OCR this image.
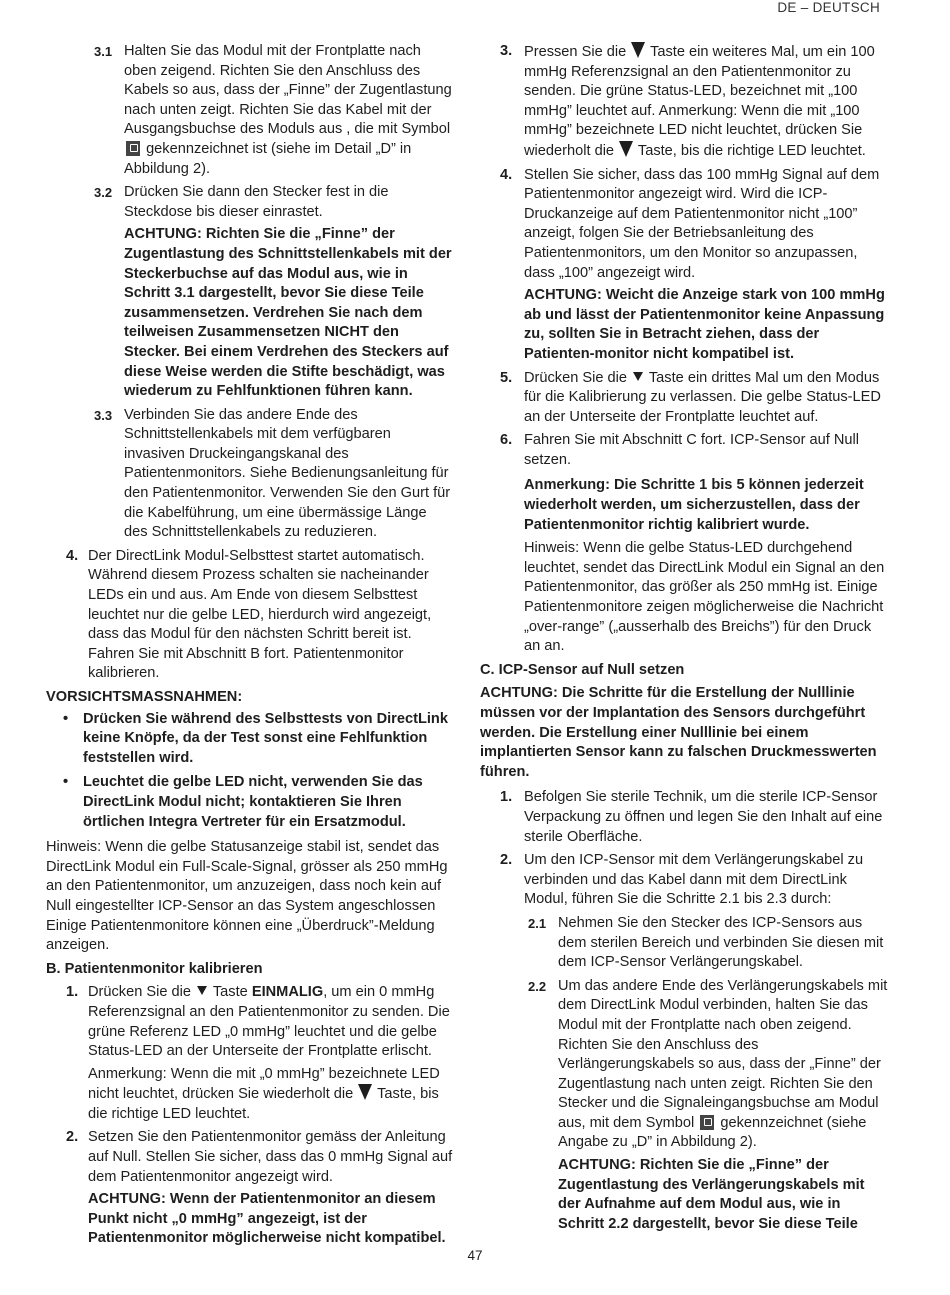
DE – DEUTSCH
3.1 Halten Sie das Modul mit der Frontplatte nach oben zeigend. Richten Sie den Anschluss des Kabels so aus, dass der „Finne” der Zugentlastung nach unten zeigt. Richten Sie das Kabel mit der Ausgangsbuchse des Moduls aus , die mit Symbol  gekennzeichnet ist (siehe im Detail „D” in Abbildung 2).
3.2 Drücken Sie dann den Stecker fest in die Steckdose bis dieser einrastet.

ACHTUNG: Richten Sie die „Finne” der Zugentlastung des Schnittstellenkabels mit der Steckerbuchse auf das Modul aus, wie in Schritt 3.1 dargestellt, bevor Sie diese Teile zusammensetzen. Verdrehen Sie nach dem teilweisen Zusammensetzen NICHT den Stecker. Bei einem Verdrehen des Steckers auf diese Weise werden die Stifte beschädigt, was wiederum zu Fehlfunktionen führen kann.

3.3 Verbinden Sie das andere Ende des Schnittstellenkabels mit dem verfügbaren invasiven Druckeingangskanal des Patientenmonitors. Siehe Bedienungsanleitung für den Patientenmonitor. Verwenden Sie den Gurt für die Kabelführung, um eine übermässige Länge des Schnittstellenkabels zu reduzieren.
4. Der DirectLink Modul-Selbsttest startet automatisch. Während diesem Prozess schalten sie nacheinander LEDs ein und aus. Am Ende von diesem Selbsttest leuchtet nur die gelbe LED, hierdurch wird angezeigt, dass das Modul für den nächsten Schritt bereit ist. Fahren Sie mit Abschnitt B fort. Patientenmonitor kalibrieren.

VORSICHTSMASSNAHMEN:

•	Drücken Sie während des Selbsttests von DirectLink keine Knöpfe, da der Test sonst eine Fehlfunktion feststellen wird.
•	Leuchtet die gelbe LED nicht, verwenden Sie das DirectLink Modul nicht; kontaktieren Sie Ihren örtlichen Integra Vertreter für ein Ersatzmodul.

Hinweis: Wenn die gelbe Statusanzeige stabil ist, sendet das DirectLink Modul ein Full-Scale-Signal, grösser als 250 mmHg an den Patientenmonitor, um anzuzeigen, dass noch kein auf Null eingestellter ICP-Sensor an das System angeschlossen Einige Patientenmonitore können eine „Überdruck”-Meldung anzeigen.

B. Patientenmonitor kalibrieren

1. Drücken Sie die Taste EINMALIG, um ein 0 mmHg Referenzsignal an den Patientenmonitor zu senden. Die grüne Referenz LED „0 mmHg” leuchtet und die gelbe Status-LED an der Unterseite der Frontplatte erlischt.

Anmerkung: Wenn die mit „0 mmHg” bezeichnete LED nicht leuchtet, drücken Sie wiederholt die Taste, bis die richtige LED leuchtet.

2. Setzen Sie den Patientenmonitor gemäss der Anleitung auf Null. Stellen Sie sicher, dass das 0 mmHg Signal auf dem Patientenmonitor angezeigt wird.

ACHTUNG: Wenn der Patientenmonitor an diesem Punkt nicht „0 mmHg” angezeigt, ist der Patientenmonitor möglicherweise nicht kompatibel.

3. Pressen Sie die Taste ein weiteres Mal, um ein 100 mmHg Referenzsignal an den Patientenmonitor zu senden. Die grüne Status-LED, bezeichnet mit „100 mmHg” leuchtet auf. Anmerkung: Wenn die mit „100 mmHg” bezeichnete LED nicht leuchtet, drücken Sie wiederholt die Taste, bis die richtige LED leuchtet.
4. Stellen Sie sicher, dass das 100 mmHg Signal auf dem Patientenmonitor angezeigt wird. Wird die ICP-Druckanzeige auf dem Patientenmonitor nicht „100” anzeigt, folgen Sie der Betriebsanleitung des Patientenmonitors, um den Monitor so anzupassen, dass „100” angezeigt wird.

ACHTUNG: Weicht die Anzeige stark von 100 mmHg ab und lässt der Patientenmonitor keine Anpassung zu, sollten Sie in Betracht ziehen, dass der Patienten-monitor nicht kompatibel ist.

5. Drücken Sie die Taste ein drittes Mal um den Modus für die Kalibrierung zu verlassen. Die gelbe Status-LED an der Unterseite der Frontplatte leuchtet auf.
6. Fahren Sie mit Abschnitt C fort. ICP-Sensor auf Null setzen.

Anmerkung: Die Schritte 1 bis 5 können jederzeit wiederholt werden, um sicherzustellen, dass der Patientenmonitor richtig kalibriert wurde.

Hinweis: Wenn die gelbe Status-LED durchgehend leuchtet, sendet das DirectLink Modul ein Signal an den Patientenmonitor, das größer als 250 mmHg ist. Einige Patientenmonitore zeigen möglicherweise die Nachricht „over-range” („ausserhalb des Breichs”) für den Druck an an.

C. ICP-Sensor auf Null setzen

ACHTUNG: Die Schritte für die Erstellung der Nulllinie müssen vor der Implantation des Sensors durchgeführt werden. Die Erstellung einer Nulllinie bei einem implantierten Sensor kann zu falschen Druckmesswerten führen.

1. Befolgen Sie sterile Technik, um die sterile ICP-Sensor Verpackung zu öffnen und legen Sie den Inhalt auf eine sterile Oberfläche.
2. Um den ICP-Sensor mit dem Verlängerungskabel zu verbinden und das Kabel dann mit dem DirectLink Modul, führen Sie die Schritte 2.1 bis 2.3 durch:
2.1 Nehmen Sie den Stecker des ICP-Sensors aus dem sterilen Bereich und verbinden Sie diesen mit dem ICP-Sensor Verlängerungskabel.
2.2 Um das andere Ende des Verlängerungskabels mit dem DirectLink Modul verbinden, halten Sie das Modul mit der Frontplatte nach oben zeigend. Richten Sie den Anschluss des Verlängerungskabels so aus, dass der „Finne” der Zugentlastung nach unten zeigt. Richten Sie den Stecker und die Signaleingangsbuchse am Modul aus, mit dem Symbol gekennzeichnet (siehe Angabe zu „D” in Abbildung 2).

ACHTUNG: Richten Sie die „Finne” der Zugentlastung des Verlängerungskabels mit der Aufnahme auf dem Modul aus, wie in Schritt 2.2 dargestellt, bevor Sie diese Teile

47
